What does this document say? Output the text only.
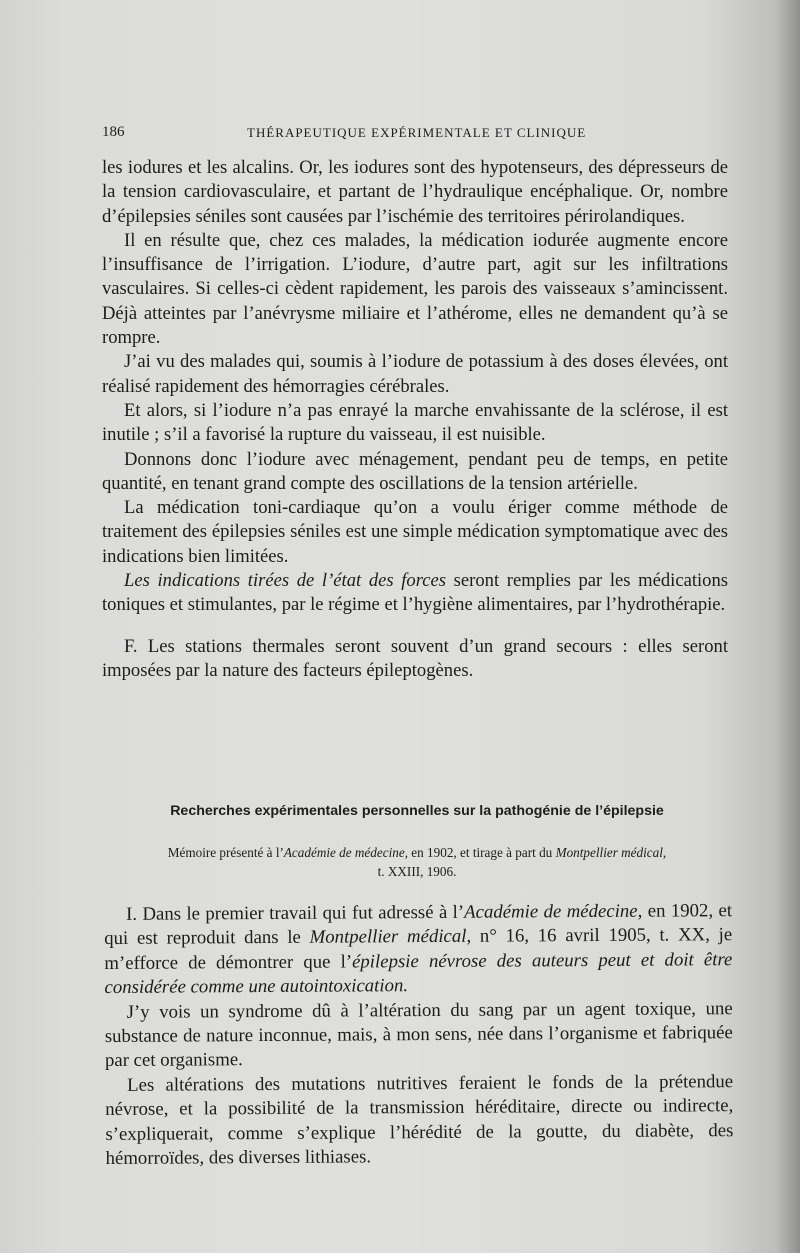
186	THÉRAPEUTIQUE EXPÉRIMENTALE ET CLINIQUE

les iodures et les alcalins. Or, les iodures sont des hypotenseurs, des dépresseurs de la tension cardiovasculaire, et partant de l’hydraulique encéphalique. Or, nombre d’épilepsies séniles sont causées par l’ischémie des territoires périrolandiques.

Il en résulte que, chez ces malades, la médication iodurée augmente encore l’insuffisance de l’irrigation. L’iodure, d’autre part, agit sur les infiltrations vasculaires. Si celles-ci cèdent rapidement, les parois des vaisseaux s’amincissent. Déjà atteintes par l’anévrysme miliaire et l’athérome, elles ne demandent qu’à se rompre.

J’ai vu des malades qui, soumis à l’iodure de potassium à des doses élevées, ont réalisé rapidement des hémorragies cérébrales.

Et alors, si l’iodure n’a pas enrayé la marche envahissante de la sclérose, il est inutile ; s’il a favorisé la rupture du vaisseau, il est nuisible.

Donnons donc l’iodure avec ménagement, pendant peu de temps, en petite quantité, en tenant grand compte des oscillations de la tension artérielle.

La médication toni-cardiaque qu’on a voulu ériger comme méthode de traitement des épilepsies séniles est une simple médication symptomatique avec des indications bien limitées.

Les indications tirées de l’état des forces seront remplies par les médications toniques et stimulantes, par le régime et l’hygiène alimentaires, par l’hydrothérapie.

F. Les stations thermales seront souvent d’un grand secours : elles seront imposées par la nature des facteurs épileptogènes.

Recherches expérimentales personnelles sur la pathogénie de l’épilepsie
Mémoire présenté à l’Académie de médecine, en 1902, et tirage à part du Montpellier médical,
t. XXIII, 1906.

I. Dans le premier travail qui fut adressé à l’Académie de médecine, en 1902, et qui est reproduit dans le Montpellier médical, n° 16, 16 avril 1905, t. XX, je m’efforce de démontrer que l’épilepsie névrose des auteurs peut et doit être considérée comme une autointoxication.

J’y vois un syndrome dû à l’altération du sang par un agent toxique, une substance de nature inconnue, mais, à mon sens, née dans l’organisme et fabriquée par cet organisme.

Les altérations des mutations nutritives feraient le fonds de la prétendue névrose, et la possibilité de la transmission héréditaire, directe ou indirecte, s’expliquerait, comme s’explique l’hérédité de la goutte, du diabète, des hémorroïdes, des diverses lithiases.
